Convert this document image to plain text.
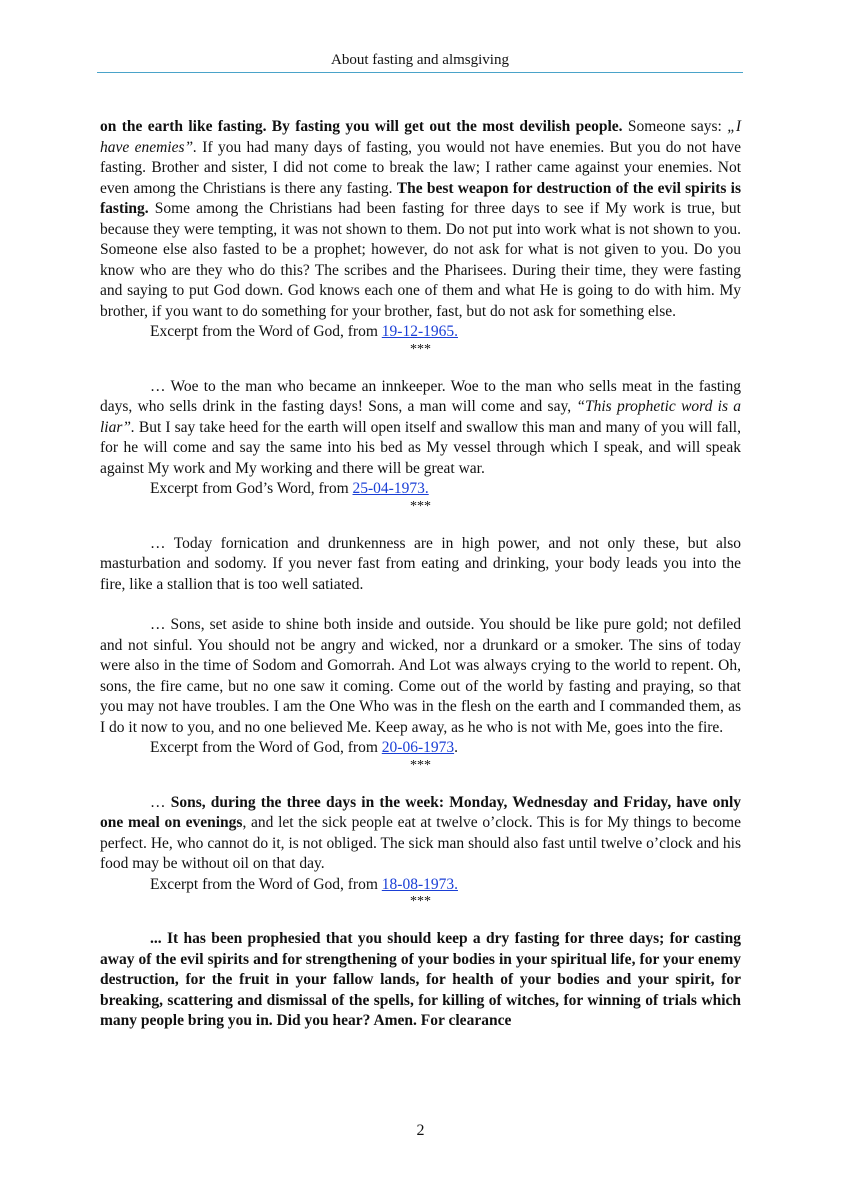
About fasting and almsgiving

on the earth like fasting. By fasting you will get out the most devilish people. Someone says: „I have enemies”. If you had many days of fasting, you would not have enemies. But you do not have fasting. Brother and sister, I did not come to break the law; I rather came against your enemies. Not even among the Christians is there any fasting. The best weapon for destruction of the evil spirits is fasting. Some among the Christians had been fasting for three days to see if My work is true, but because they were tempting, it was not shown to them. Do not put into work what is not shown to you. Someone else also fasted to be a prophet; however, do not ask for what is not given to you. Do you know who are they who do this? The scribes and the Pharisees. During their time, they were fasting and saying to put God down. God knows each one of them and what He is going to do with him. My brother, if you want to do something for your brother, fast, but do not ask for something else.

Excerpt from the Word of God, from 19-12-1965.

***

… Woe to the man who became an innkeeper. Woe to the man who sells meat in the fasting days, who sells drink in the fasting days! Sons, a man will come and say, “This prophetic word is a liar”. But I say take heed for the earth will open itself and swallow this man and many of you will fall, for he will come and say the same into his bed as My vessel through which I speak, and will speak against My work and My working and there will be great war.

Excerpt from God’s Word, from 25-04-1973.

***

… Today fornication and drunkenness are in high power, and not only these, but also masturbation and sodomy. If you never fast from eating and drinking, your body leads you into the fire, like a stallion that is too well satiated.

… Sons, set aside to shine both inside and outside. You should be like pure gold; not defiled and not sinful. You should not be angry and wicked, nor a drunkard or a smoker. The sins of today were also in the time of Sodom and Gomorrah. And Lot was always crying to the world to repent. Oh, sons, the fire came, but no one saw it coming. Come out of the world by fasting and praying, so that you may not have troubles. I am the One Who was in the flesh on the earth and I commanded them, as I do it now to you, and no one believed Me. Keep away, as he who is not with Me, goes into the fire.

Excerpt from the Word of God, from 20-06-1973.

***

… Sons, during the three days in the week: Monday, Wednesday and Friday, have only one meal on evenings, and let the sick people eat at twelve o’clock. This is for My things to become perfect. He, who cannot do it, is not obliged. The sick man should also fast until twelve o’clock and his food may be without oil on that day.

Excerpt from the Word of God, from 18-08-1973.

***

... It has been prophesied that you should keep a dry fasting for three days; for casting away of the evil spirits and for strengthening of your bodies in your spiritual life, for your enemy destruction, for the fruit in your fallow lands, for health of your bodies and your spirit, for breaking, scattering and dismissal of the spells, for killing of witches, for winning of trials which many people bring you in. Did you hear? Amen. For clearance

2
